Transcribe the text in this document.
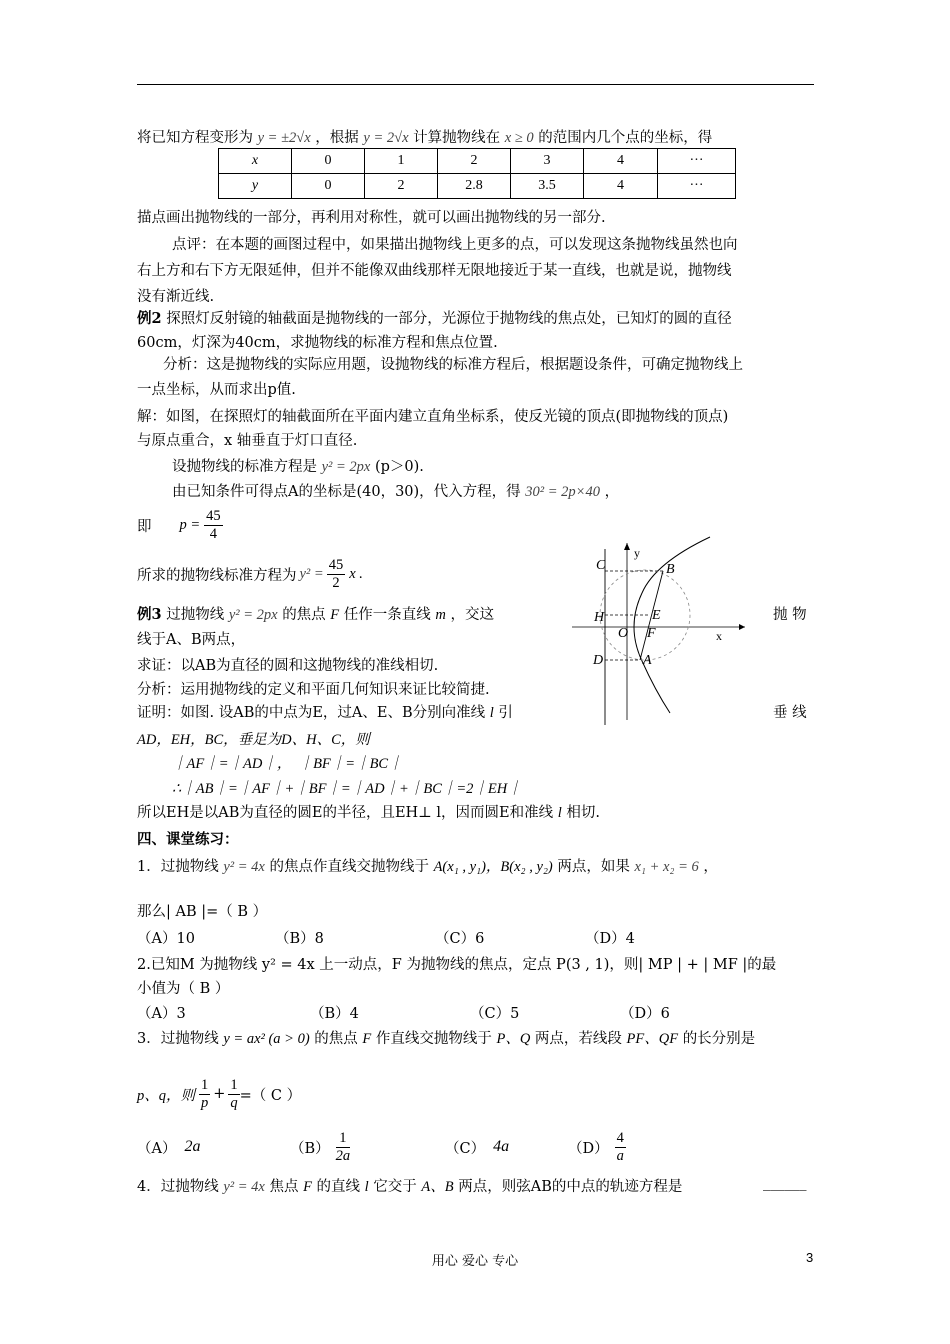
将已知方程变形为 y = ±2√x ，根据 y = 2√x 计算抛物线在 x ≥ 0 的范围内几个点的坐标，得
x	0	1	2	3	4	···
y	0	2	2.8	3.5	4	···
描点画出抛物线的一部分，再利用对称性，就可以画出抛物线的另一部分.
点评：在本题的画图过程中，如果描出抛物线上更多的点，可以发现这条抛物线虽然也向
右上方和右下方无限延伸，但并不能像双曲线那样无限地接近于某一直线，也就是说，抛物线
没有渐近线.
例2 探照灯反射镜的轴截面是抛物线的一部分，光源位于抛物线的焦点处，已知灯的圆的直径
60cm，灯深为40cm，求抛物线的标准方程和焦点位置.
分析：这是抛物线的实际应用题，设抛物线的标准方程后，根据题设条件，可确定抛物线上
一点坐标，从而求出p值.
解：如图，在探照灯的轴截面所在平面内建立直角坐标系，使反光镜的顶点(即抛物线的顶点)
与原点重合，x 轴垂直于灯口直径.
设抛物线的标准方程是 y² = 2px (p＞0).
由已知条件可得点A的坐标是(40，30)，代入方程，得 30² = 2p×40 ，
即 $p = \frac{45}{4}$
所求的抛物线标准方程为 $y^2 = \frac{45}{2}$ x .
例3 过抛物线 y² = 2px 的焦点 F 任作一条直线 m ，交这	抛 物
线于A、B两点，
求证：以AB为直径的圆和这抛物线的准线相切.
分析：运用抛物线的定义和平面几何知识来证比较简捷.
证明：如图. 设AB的中点为E，过A、E、B分别向准线 l 引	垂 线
AD，EH，BC，垂足为D、H、C，则
｜AF｜=｜AD｜，　｜BF｜=｜BC｜
∴｜AB｜=｜AF｜+｜BF｜=｜AD｜+｜BC｜=2｜EH｜
所以EH是以AB为直径的圆E的半径，且EH⊥ l，因而圆E和准线 l 相切.
C
y
B
H	E
O F	x
D	A
四、课堂练习：
1．过抛物线 y² = 4x 的焦点作直线交抛物线于 A(x₁ , y₁)，B(x₂ , y₂) 两点，如果 x₁ + x₂ = 6 ，
那么| AB |=（ B ）
（A）10	（B）8	（C）6	（D）4
2.已知M 为抛物线 y² = 4x 上一动点，F 为抛物线的焦点，定点 P(3 , 1)，则| MP | + | MF |的最
小值为（ B ）
（A）3	（B）4	（C）5	（D）6
3．过抛物线 y = ax² (a > 0) 的焦点 F 作直线交抛物线于 P、Q 两点，若线段 PF、QF 的长分别是
p、q，则 $\frac{1}{p} + \frac{1}{q}$ =（ C ）
（A） 2a	$(B) \frac{1}{2a}$	（C） 4a	$(D) \frac{4}{a}$
4．过抛物线 y² = 4x 焦点 F 的直线 l 它交于 A、B 两点，则弦AB的中点的轨迹方程是	______
用心 爱心 专心	3
